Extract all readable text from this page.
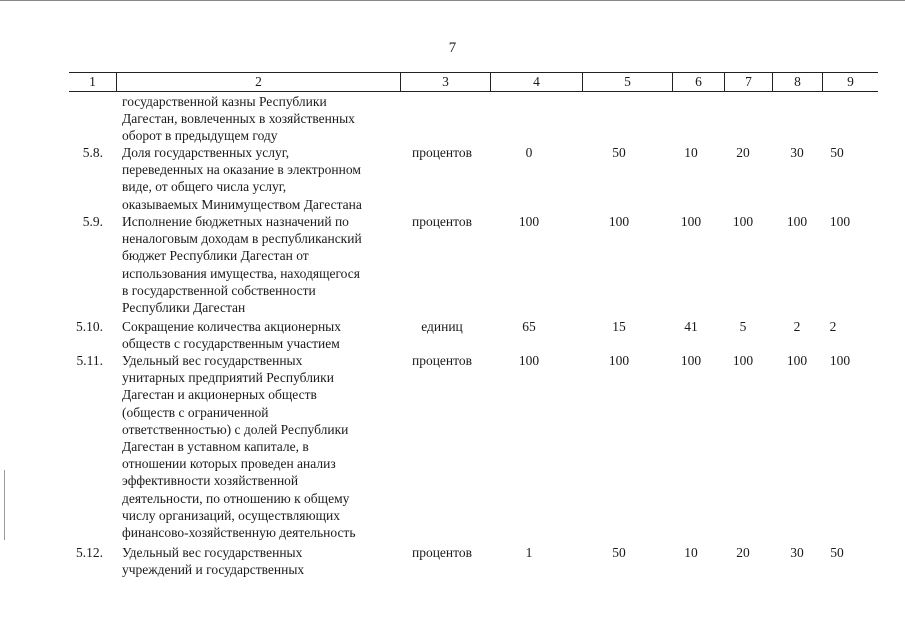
7
1	2	3	4	5	6	7	8	9
государственной казны Республики
Дагестан, вовлеченных в хозяйственных
оборот в предыдущем году
5.8. Доля государственных услуг,
переведенных на оказание в электронном
виде, от общего числа услуг,
оказываемых Минимуществом Дагестана
процентов	0	50	10	20	30	50
5.9. Исполнение бюджетных назначений по
неналоговым доходам в республиканский
бюджет Республики Дагестан от
использования имущества, находящегося
в государственной собственности
Республики Дагестан
процентов	100	100	100	100	100	100
5.10. Сокращение количества акционерных
обществ с государственным участием
единиц	65	15	41	5	2	2
5.11. Удельный вес государственных
унитарных предприятий Республики
Дагестан и акционерных обществ
(обществ с ограниченной
ответственностью) с долей Республики
Дагестан в уставном капитале, в
отношении которых проведен анализ
эффективности хозяйственной
деятельности, по отношению к общему
числу организаций, осуществляющих
финансово-хозяйственную деятельность
процентов	100	100	100	100	100	100
5.12. Удельный вес государственных
учреждений и государственных
процентов	1	50	10	20	30	50
